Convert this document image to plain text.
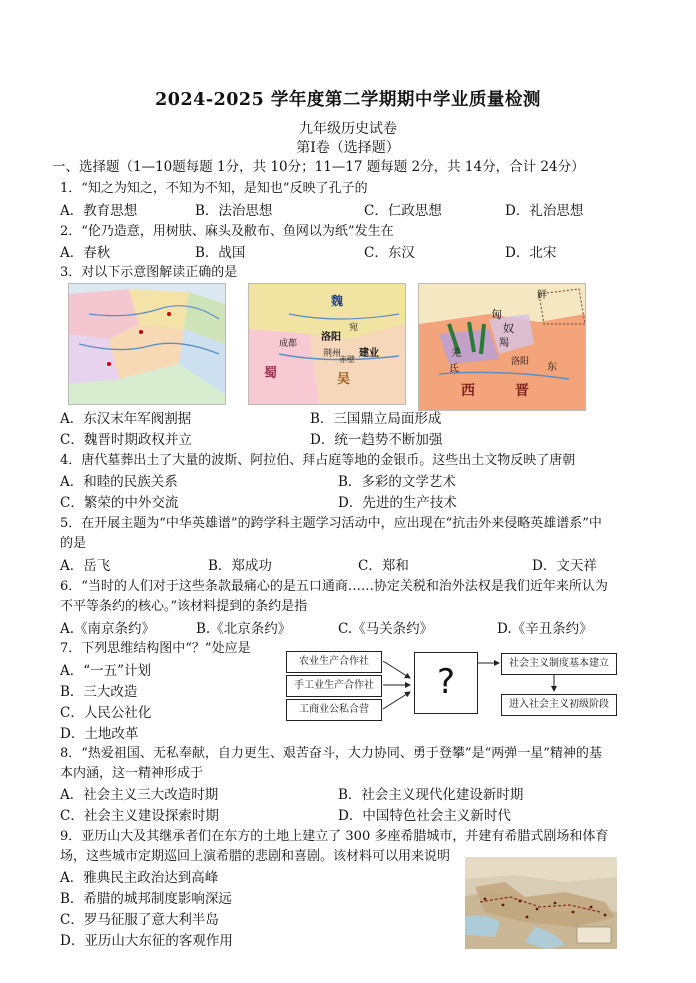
2024-2025 学年度第二学期期中学业质量检测
九年级历史试卷
第Ⅰ卷（选择题）
一、选择题（1—10题每题 1分，共 10分；11—17 题每题 2分，共 14分，合计 24分）
1．“知之为知之，不知为不知，是知也”反映了孔子的
A．教育思想	B．法治思想	C．仁政思想	D．礼治思想
2．“伦乃造意，用树肤、麻头及敝布、鱼网以为纸”发生在
A．春秋	B．战国	C．东汉	D．北宋
3．对以下示意图解读正确的是
魏
成都
洛阳
宛
荆州 建业
蜀	吴
赤壁
鲜
匈
奴
羯
羌
氐
洛阳
西	晋
东
A．东汉末年军阀割据	B．三国鼎立局面形成
C．魏晋时期政权并立	D．统一趋势不断加强
4．唐代墓葬出土了大量的波斯、阿拉伯、拜占庭等地的金银币。这些出土文物反映了唐朝
A．和睦的民族关系	B．多彩的文学艺术
C．繁荣的中外交流	D．先进的生产技术
5．在开展主题为“中华英雄谱”的跨学科主题学习活动中，应出现在“抗击外来侵略英雄谱系”中
的是
A．岳飞	B．郑成功	C．郑和	D．文天祥
6．“当时的人们对于这些条款最痛心的是五口通商……协定关税和治外法权是我们近年来所认为
不平等条约的核心。”该材料提到的条约是指
A.《南京条约》	B.《北京条约》	C.《马关条约》	D.《辛丑条约》
7．下列思维结构图中“？”处应是
A．“一五”计划
B．三大改造
C．人民公社化
D．土地改革
农业生产合作社
手工业生产合作社
工商业公私合营
?	社会主义制度基本建立
进入社会主义初级阶段
8．“热爱祖国、无私奉献，自力更生、艰苦奋斗，大力协同、勇于登攀”是“两弹一星”精神的基
本内涵，这一精神形成于
A．社会主义三大改造时期	B．社会主义现代化建设新时期
C．社会主义建设探索时期	D．中国特色社会主义新时代
9．亚历山大及其继承者们在东方的土地上建立了 300 多座希腊城市，并建有希腊式剧场和体育
场，这些城市定期巡回上演希腊的悲剧和喜剧。该材料可以用来说明
A．雅典民主政治达到高峰
B．希腊的城邦制度影响深远
C．罗马征服了意大利半岛
D．亚历山大东征的客观作用
